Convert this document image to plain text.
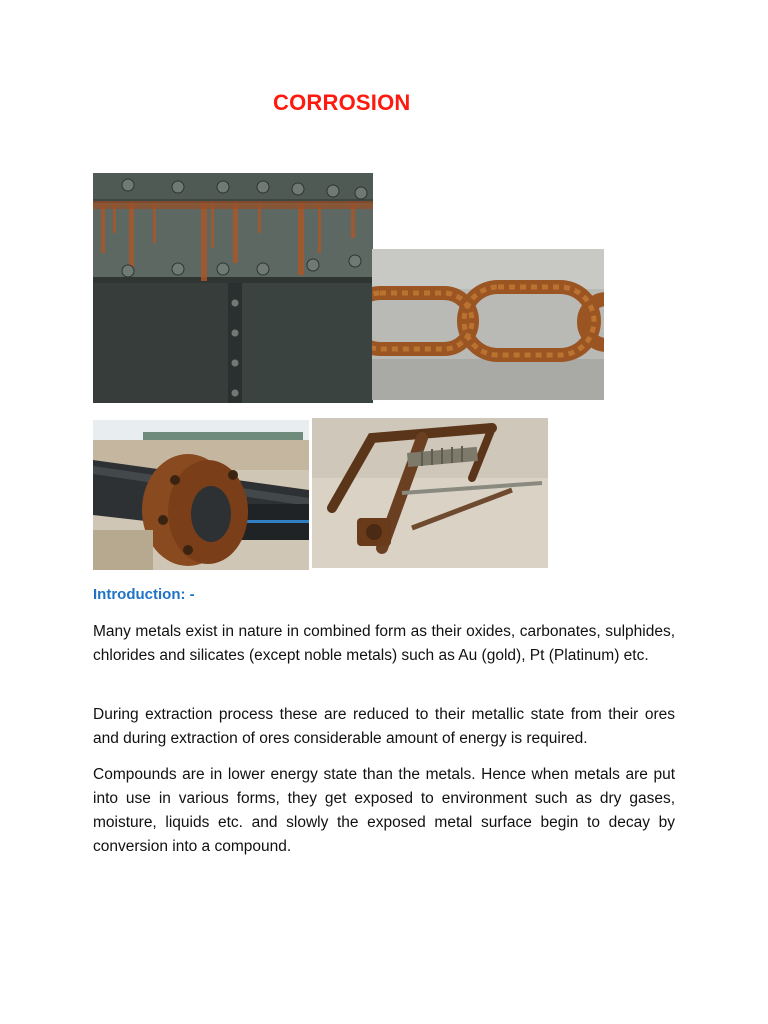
CORROSION
Introduction: -

Many metals exist in nature in combined form as their oxides, carbonates, sulphides, chlorides and silicates (except noble metals) such as Au (gold), Pt (Platinum) etc.

During extraction process these are reduced to their metallic state from their ores and during extraction of ores considerable amount of energy is required.

Compounds are in lower energy state than the metals. Hence when metals are put into use in various forms, they get exposed to environment such as dry gases, moisture, liquids etc. and slowly the exposed metal surface begin to decay by conversion into a compound.
